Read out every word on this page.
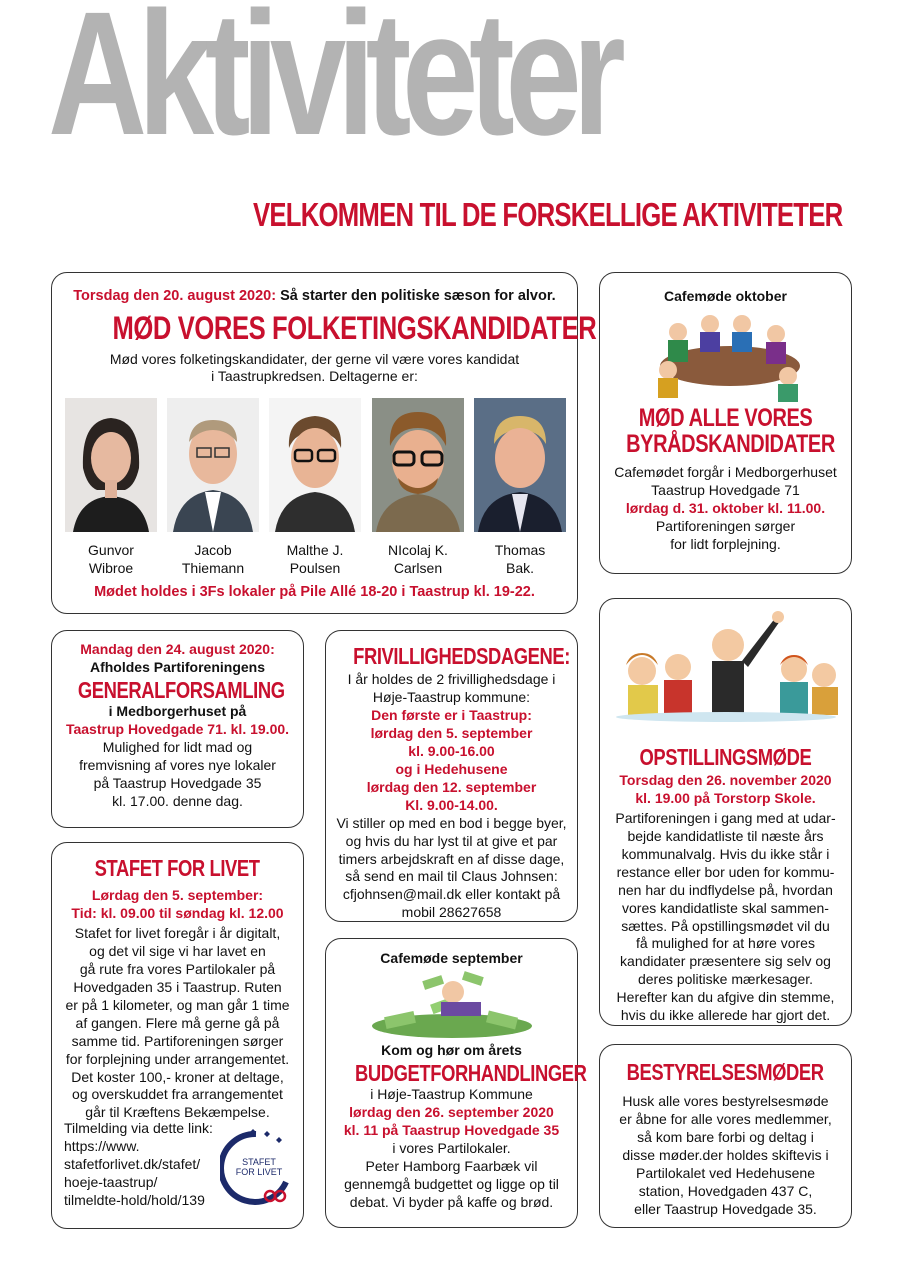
Aktiviteter
VELKOMMEN TIL DE FORSKELLIGE AKTIVITETER
Torsdag den 20. august 2020: Så starter den politiske sæson for alvor.
MØD VORES FOLKETINGSKANDIDATER
Mød vores folketingskandidater, der gerne vil være vores kandidat
i Taastrupkredsen. Deltagerne er:
Gunvor
Wibroe
Jacob
Thiemann
Malthe J.
Poulsen
NIcolaj K.
Carlsen
Thomas
Bak.
Mødet holdes i 3Fs lokaler på Pile Allé 18-20 i Taastrup kl. 19-22.
Cafemøde oktober
MØD ALLE VORES
BYRÅDSKANDIDATER
Cafemødet forgår i Medborgerhuset
Taastrup Hovedgade 71
lørdag d. 31. oktober kl. 11.00.
Partiforeningen sørger
for lidt forplejning.
Mandag den 24. august 2020:
Afholdes Partiforeningens
GENERALFORSAMLING
i Medborgerhuset på
Taastrup Hovedgade 71. kl. 19.00.
Mulighed for lidt mad og
fremvisning af vores nye lokaler
på Taastrup Hovedgade 35
kl. 17.00. denne dag.
FRIVILLIGHEDSDAGENE:
I år holdes de 2 frivillighedsdage i
Høje-Taastrup kommune:
Den første er i Taastrup:
lørdag den 5. september
kl. 9.00-16.00
og i Hedehusene
lørdag den 12. september
Kl. 9.00-14.00.
Vi stiller op med en bod i begge byer,
og hvis du har lyst til at give et par
timers arbejdskraft en af disse dage,
så send en mail til Claus Johnsen:
cfjohnsen@mail.dk eller kontakt på
mobil 28627658
OPSTILLINGSMØDE
Torsdag den 26. november 2020
kl. 19.00 på Torstorp Skole.
Partiforeningen i gang med at udar-
bejde kandidatliste til næste års
kommunalvalg. Hvis du ikke står i
restance eller bor uden for kommu-
nen har du indflydelse på, hvordan
vores kandidatliste skal sammen-
sættes. På opstillingsmødet vil du
få mulighed for at høre vores
kandidater præsentere sig selv og
deres politiske mærkesager.
Herefter kan du afgive din stemme,
hvis du ikke allerede har gjort det.
STAFET FOR LIVET
Lørdag den 5. september:
Tid: kl. 09.00 til søndag kl. 12.00
Stafet for livet foregår i år digitalt,
og det vil sige vi har lavet en
gå rute fra vores Partilokaler på
Hovedgaden 35 i Taastrup. Ruten
er på 1 kilometer, og man går 1 time
af gangen. Flere må gerne gå på
samme tid. Partiforeningen sørger
for forplejning under arrangementet.
Det koster 100,- kroner at deltage,
og overskuddet fra arrangementet
går til Kræftens Bekæmpelse.
Tilmelding via dette link:
https://www.
stafetforlivet.dk/stafet/
hoeje-taastrup/
tilmeldte-hold/hold/139
STAFET
FOR LIVET
Cafemøde september
Kom og hør om årets
BUDGETFORHANDLINGER
i Høje-Taastrup Kommune
lørdag den 26. september 2020
kl. 11 på Taastrup Hovedgade 35
i vores Partilokaler.
Peter Hamborg Faarbæk vil
gennemgå budgettet og ligge op til
debat. Vi byder på kaffe og brød.
BESTYRELSESMØDER
Husk alle vores bestyrelsesmøde
er åbne for alle vores medlemmer,
så kom bare forbi og deltag i
disse møder.der holdes skiftevis i
Partilokalet ved Hedehusene
station, Hovedgaden 437 C,
eller Taastrup Hovedgade 35.
